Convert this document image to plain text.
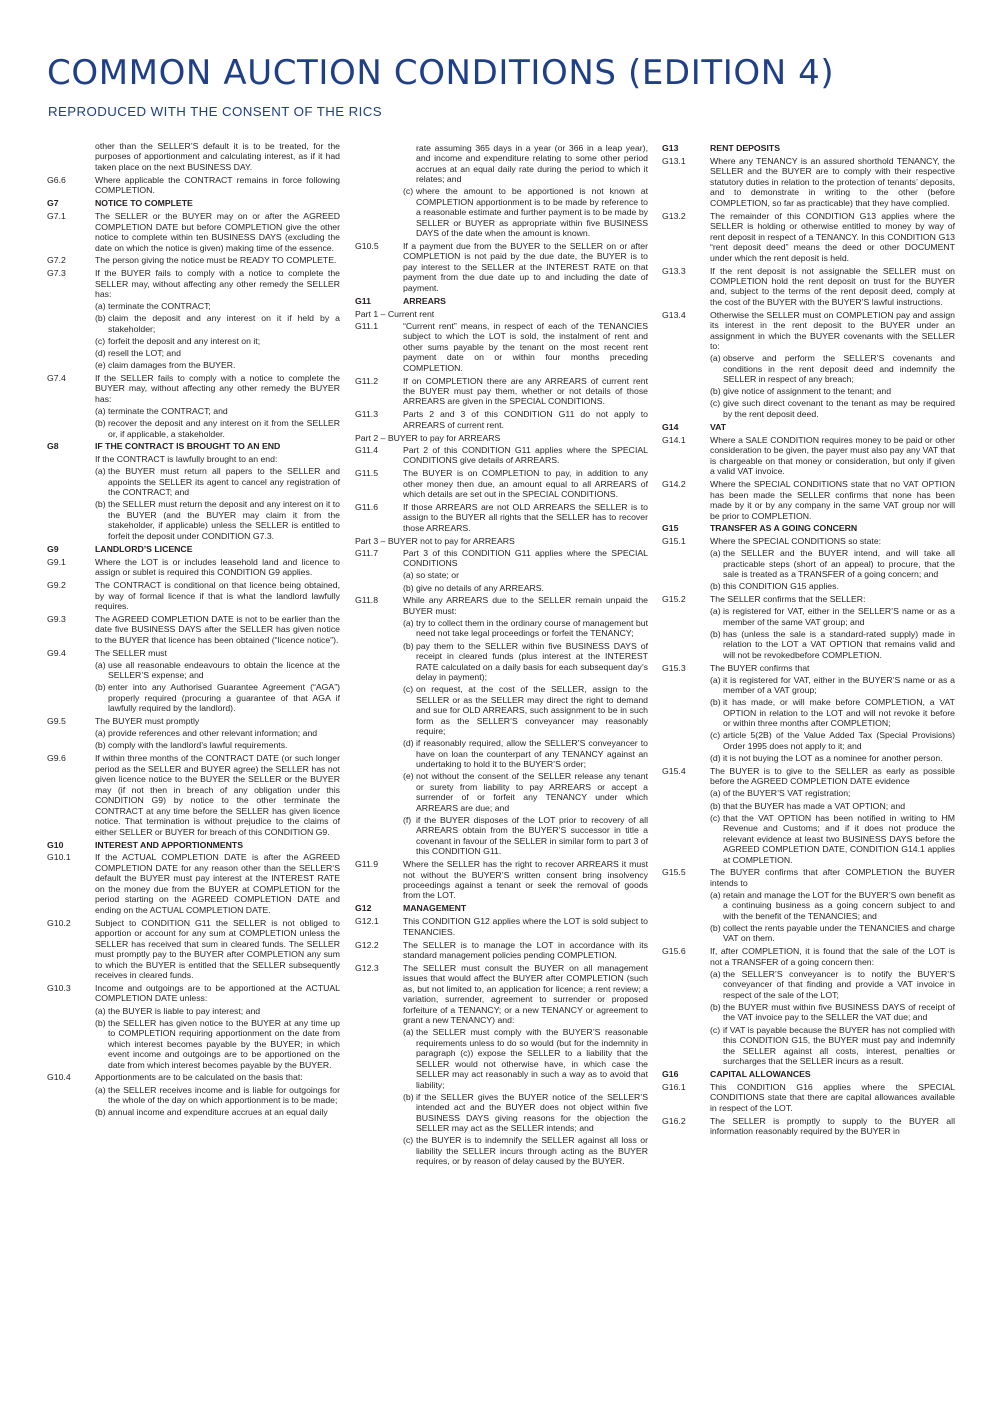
COMMON AUCTION CONDITIONS (EDITION 4)
REPRODUCED WITH THE CONSENT OF THE RICS
other than the SELLER’S default it is to be treated, for the purposes of apportionment and calculating interest, as if it had taken place on the next BUSINESS DAY.
G6.6	Where applicable the CONTRACT remains in force following COMPLETION.
G7	NOTICE TO COMPLETE
G7.1	The SELLER or the BUYER may on or after the AGREED COMPLETION DATE but before COMPLETION give the other notice to complete within ten BUSINESS DAYS (excluding the date on which the notice is given) making time of the essence.
G7.2	The person giving the notice must be READY TO COMPLETE.
G7.3	If the BUYER fails to comply with a notice to complete the SELLER may, without affecting any other remedy the SELLER has:
(a) terminate the CONTRACT;
(b) claim the deposit and any interest on it if held by a stakeholder;
(c) forfeit the deposit and any interest on it;
(d) resell the LOT; and
(e) claim damages from the BUYER.
G7.4	If the SELLER fails to comply with a notice to complete the BUYER may, without affecting any other remedy the BUYER has:
(a) terminate the CONTRACT; and
(b) recover the deposit and any interest on it from the SELLER or, if applicable, a stakeholder.
G8	IF THE CONTRACT IS BROUGHT TO AN END
If the CONTRACT is lawfully brought to an end:
(a) the BUYER must return all papers to the SELLER and appoints the SELLER its agent to cancel any registration of the CONTRACT; and
(b) the SELLER must return the deposit and any interest on it to the BUYER (and the BUYER may claim it from the stakeholder, if applicable) unless the SELLER is entitled to forfeit the deposit under CONDITION G7.3.
G9	LANDLORD’S LICENCE
G9.1	Where the LOT is or includes leasehold land and licence to assign or sublet is required this CONDITION G9 applies.
G9.2	The CONTRACT is conditional on that licence being obtained, by way of formal licence if that is what the landlord lawfully requires.
G9.3	The AGREED COMPLETION DATE is not to be earlier than the date five BUSINESS DAYS after the SELLER has given notice to the BUYER that licence has been obtained (“licence notice”).
G9.4	The SELLER must
(a) use all reasonable endeavours to obtain the licence at the SELLER’S expense; and
(b) enter into any Authorised Guarantee Agreement (“AGA”) properly required (procuring a guarantee of that AGA if lawfully required by the landlord).
G9.5	The BUYER must promptly
(a) provide references and other relevant information; and
(b) comply with the landlord’s lawful requirements.
G9.6	If within three months of the CONTRACT DATE (or such longer period as the SELLER and BUYER agree) the SELLER has not given licence notice to the BUYER the SELLER or the BUYER may (if not then in breach of any obligation under this CONDITION G9) by notice to the other terminate the CONTRACT at any time before the SELLER has given licence notice. That termination is without prejudice to the claims of either SELLER or BUYER for breach of this CONDITION G9.
G10	INTEREST AND APPORTIONMENTS
G10.1	If the ACTUAL COMPLETION DATE is after the AGREED COMPLETION DATE for any reason other than the SELLER’S default the BUYER must pay interest at the INTEREST RATE on the money due from the BUYER at COMPLETION for the period starting on the AGREED COMPLETION DATE and ending on the ACTUAL COMPLETION DATE.
G10.2	Subject to CONDITION G11 the SELLER is not obliged to apportion or account for any sum at COMPLETION unless the SELLER has received that sum in cleared funds. The SELLER must promptly pay to the BUYER after COMPLETION any sum to which the BUYER is entitled that the SELLER subsequently receives in cleared funds.
G10.3	Income and outgoings are to be apportioned at the ACTUAL COMPLETION DATE unless:
(a) the BUYER is liable to pay interest; and
(b) the SELLER has given notice to the BUYER at any time up to COMPLETION requiring apportionment on the date from which interest becomes payable by the BUYER; in which event income and outgoings are to be apportioned on the date from which interest becomes payable by the BUYER.
G10.4	Apportionments are to be calculated on the basis that:
(a) the SELLER receives income and is liable for outgoings for the whole of the day on which apportionment is to be made;
(b) annual income and expenditure accrues at an equal daily
rate assuming 365 days in a year (or 366 in a leap year), and income and expenditure relating to some other period accrues at an equal daily rate during the period to which it relates; and
(c) where the amount to be apportioned is not known at COMPLETION apportionment is to be made by reference to a reasonable estimate and further payment is to be made by SELLER or BUYER as appropriate within five BUSINESS DAYS of the date when the amount is known.
G10.5	If a payment due from the BUYER to the SELLER on or after COMPLETION is not paid by the due date, the BUYER is to pay interest to the SELLER at the INTEREST RATE on that payment from the due date up to and including the date of payment.
G11	ARREARS
Part 1 – Current rent
G11.1	“Current rent” means, in respect of each of the TENANCIES subject to which the LOT is sold, the instalment of rent and other sums payable by the tenant on the most recent rent payment date on or within four months preceding COMPLETION.
G11.2	If on COMPLETION there are any ARREARS of current rent the BUYER must pay them, whether or not details of those ARREARS are given in the SPECIAL CONDITIONS.
G11.3	Parts 2 and 3 of this CONDITION G11 do not apply to ARREARS of current rent.
Part 2 – BUYER to pay for ARREARS
G11.4	Part 2 of this CONDITION G11 applies where the SPECIAL CONDITIONS give details of ARREARS.
G11.5	The BUYER is on COMPLETION to pay, in addition to any other money then due, an amount equal to all ARREARS of which details are set out in the SPECIAL CONDITIONS.
G11.6	If those ARREARS are not OLD ARREARS the SELLER is to assign to the BUYER all rights that the SELLER has to recover those ARREARS.
Part 3 – BUYER not to pay for ARREARS
G11.7	Part 3 of this CONDITION G11 applies where the SPECIAL CONDITIONS
(a) so state; or
(b) give no details of any ARREARS.
G11.8	While any ARREARS due to the SELLER remain unpaid the BUYER must:
(a) try to collect them in the ordinary course of management but need not take legal proceedings or forfeit the TENANCY;
(b) pay them to the SELLER within five BUSINESS DAYS of receipt in cleared funds (plus interest at the INTEREST RATE calculated on a daily basis for each subsequent day’s delay in payment);
(c) on request, at the cost of the SELLER, assign to the SELLER or as the SELLER may direct the right to demand and sue for OLD ARREARS, such assignment to be in such form as the SELLER’S conveyancer may reasonably require;
(d) if reasonably required, allow the SELLER’S conveyancer to have on loan the counterpart of any TENANCY against an undertaking to hold it to the BUYER’S order;
(e) not without the consent of the SELLER release any tenant or surety from liability to pay ARREARS or accept a surrender of or forfeit any TENANCY under which ARREARS are due; and
(f) if the BUYER disposes of the LOT prior to recovery of all ARREARS obtain from the BUYER’S successor in title a covenant in favour of the SELLER in similar form to part 3 of this CONDITION G11.
G11.9	Where the SELLER has the right to recover ARREARS it must not without the BUYER’S written consent bring insolvency proceedings against a tenant or seek the removal of goods from the LOT.
G12	MANAGEMENT
G12.1	This CONDITION G12 applies where the LOT is sold subject to TENANCIES.
G12.2	The SELLER is to manage the LOT in accordance with its standard management policies pending COMPLETION.
G12.3	The SELLER must consult the BUYER on all management issues that would affect the BUYER after COMPLETION (such as, but not limited to, an application for licence; a rent review; a variation, surrender, agreement to surrender or proposed forfeiture of a TENANCY; or a new TENANCY or agreement to grant a new TENANCY) and:
(a) the SELLER must comply with the BUYER’S reasonable requirements unless to do so would (but for the indemnity in paragraph (c)) expose the SELLER to a liability that the SELLER would not otherwise have, in which case the SELLER may act reasonably in such a way as to avoid that liability;
(b) if the SELLER gives the BUYER notice of the SELLER’S intended act and the BUYER does not object within five BUSINESS DAYS giving reasons for the objection the SELLER may act as the SELLER intends; and
(c) the BUYER is to indemnify the SELLER against all loss or liability the SELLER incurs through acting as the BUYER requires, or by reason of delay caused by the BUYER.
G13	RENT DEPOSITS
G13.1	Where any TENANCY is an assured shorthold TENANCY, the SELLER and the BUYER are to comply with their respective statutory duties in relation to the protection of tenants’ deposits, and to demonstrate in writing to the other (before COMPLETION, so far as practicable) that they have complied.
G13.2	The remainder of this CONDITION G13 applies where the SELLER is holding or otherwise entitled to money by way of rent deposit in respect of a TENANCY. In this CONDITION G13 “rent deposit deed” means the deed or other DOCUMENT under which the rent deposit is held.
G13.3	If the rent deposit is not assignable the SELLER must on COMPLETION hold the rent deposit on trust for the BUYER and, subject to the terms of the rent deposit deed, comply at the cost of the BUYER with the BUYER’S lawful instructions.
G13.4	Otherwise the SELLER must on COMPLETION pay and assign its interest in the rent deposit to the BUYER under an assignment in which the BUYER covenants with the SELLER to:
(a) observe and perform the SELLER’S covenants and conditions in the rent deposit deed and indemnify the SELLER in respect of any breach;
(b) give notice of assignment to the tenant; and
(c) give such direct covenant to the tenant as may be required by the rent deposit deed.
G14	VAT
G14.1	Where a SALE CONDITION requires money to be paid or other consideration to be given, the payer must also pay any VAT that is chargeable on that money or consideration, but only if given a valid VAT invoice.
G14.2	Where the SPECIAL CONDITIONS state that no VAT OPTION has been made the SELLER confirms that none has been made by it or by any company in the same VAT group nor will be prior to COMPLETION.
G15	TRANSFER AS A GOING CONCERN
G15.1	Where the SPECIAL CONDITIONS so state:
(a) the SELLER and the BUYER intend, and will take all practicable steps (short of an appeal) to procure, that the sale is treated as a TRANSFER of a going concern; and
(b) this CONDITION G15 applies.
G15.2	The SELLER confirms that the SELLER:
(a) is registered for VAT, either in the SELLER’S name or as a member of the same VAT group; and
(b) has (unless the sale is a standard-rated supply) made in relation to the LOT a VAT OPTION that remains valid and will not be revokedbefore COMPLETION.
G15.3	The BUYER confirms that
(a) it is registered for VAT, either in the BUYER’S name or as a member of a VAT group;
(b) it has made, or will make before COMPLETION, a VAT OPTION in relation to the LOT and will not revoke it before or within three months after COMPLETION;
(c) article 5(2B) of the Value Added Tax (Special Provisions) Order 1995 does not apply to it; and
(d) it is not buying the LOT as a nominee for another person.
G15.4	The BUYER is to give to the SELLER as early as possible before the AGREED COMPLETION DATE evidence
(a) of the BUYER’S VAT registration;
(b) that the BUYER has made a VAT OPTION; and
(c) that the VAT OPTION has been notified in writing to HM Revenue and Customs; and if it does not produce the relevant evidence at least two BUSINESS DAYS before the AGREED COMPLETION DATE, CONDITION G14.1 applies at COMPLETION.
G15.5	The BUYER confirms that after COMPLETION the BUYER intends to
(a) retain and manage the LOT for the BUYER’S own benefit as a continuing business as a going concern subject to and with the benefit of the TENANCIES; and
(b) collect the rents payable under the TENANCIES and charge VAT on them.
G15.6	If, after COMPLETION, it is found that the sale of the LOT is not a TRANSFER of a going concern then:
(a) the SELLER’S conveyancer is to notify the BUYER’S conveyancer of that finding and provide a VAT invoice in respect of the sale of the LOT;
(b) the BUYER must within five BUSINESS DAYS of receipt of the VAT invoice pay to the SELLER the VAT due; and
(c) if VAT is payable because the BUYER has not complied with this CONDITION G15, the BUYER must pay and indemnify the SELLER against all costs, interest, penalties or surcharges that the SELLER incurs as a result.
G16	CAPITAL ALLOWANCES
G16.1	This CONDITION G16 applies where the SPECIAL CONDITIONS state that there are capital allowances available in respect of the LOT.
G16.2	The SELLER is promptly to supply to the BUYER all information reasonably required by the BUYER in
